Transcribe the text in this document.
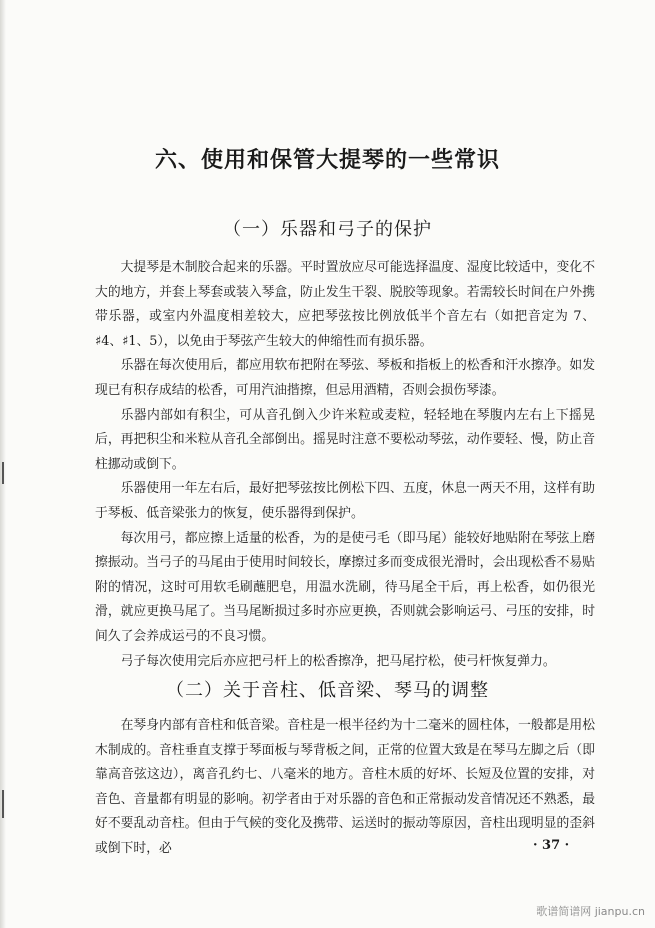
六、使用和保管大提琴的一些常识
（一）乐器和弓子的保护

大提琴是木制胶合起来的乐器。平时置放应尽可能选择温度、湿度比较适中，变化不大的地方，并套上琴套或装入琴盒，防止发生干裂、脱胶等现象。若需较长时间在户外携带乐器，或室内外温度相差较大，应把琴弦按比例放低半个音左右（如把音定为 7、♯4、♯1、5），以免由于琴弦产生较大的伸缩性而有损乐器。

乐器在每次使用后，都应用软布把附在琴弦、琴板和指板上的松香和汗水擦净。如发现已有积存成结的松香，可用汽油揩擦，但忌用酒精，否则会损伤琴漆。

乐器内部如有积尘，可从音孔倒入少许米粒或麦粒，轻轻地在琴腹内左右上下摇晃后，再把积尘和米粒从音孔全部倒出。摇晃时注意不要松动琴弦，动作要轻、慢，防止音柱挪动或倒下。

乐器使用一年左右后，最好把琴弦按比例松下四、五度，休息一两天不用，这样有助于琴板、低音梁张力的恢复，使乐器得到保护。

每次用弓，都应擦上适量的松香，为的是使弓毛（即马尾）能较好地贴附在琴弦上磨擦振动。当弓子的马尾由于使用时间较长，摩擦过多而变成很光滑时，会出现松香不易贴附的情况，这时可用软毛刷蘸肥皂，用温水洗刷，待马尾全干后，再上松香，如仍很光滑，就应更换马尾了。当马尾断损过多时亦应更换，否则就会影响运弓、弓压的安排，时间久了会养成运弓的不良习惯。

弓子每次使用完后亦应把弓杆上的松香擦净，把马尾拧松，使弓杆恢复弹力。

（二）关于音柱、低音梁、琴马的调整

在琴身内部有音柱和低音梁。音柱是一根半径约为十二毫米的圆柱体，一般都是用松木制成的。音柱垂直支撑于琴面板与琴背板之间，正常的位置大致是在琴马左脚之后（即靠高音弦这边），离音孔约七、八毫米的地方。音柱木质的好坏、长短及位置的安排，对音色、音量都有明显的影响。初学者由于对乐器的音色和正常振动发音情况还不熟悉，最好不要乱动音柱。但由于气候的变化及携带、运送时的振动等原因，音柱出现明显的歪斜或倒下时，必	· 37 ·
歌谱简谱网 jianpu.cn
